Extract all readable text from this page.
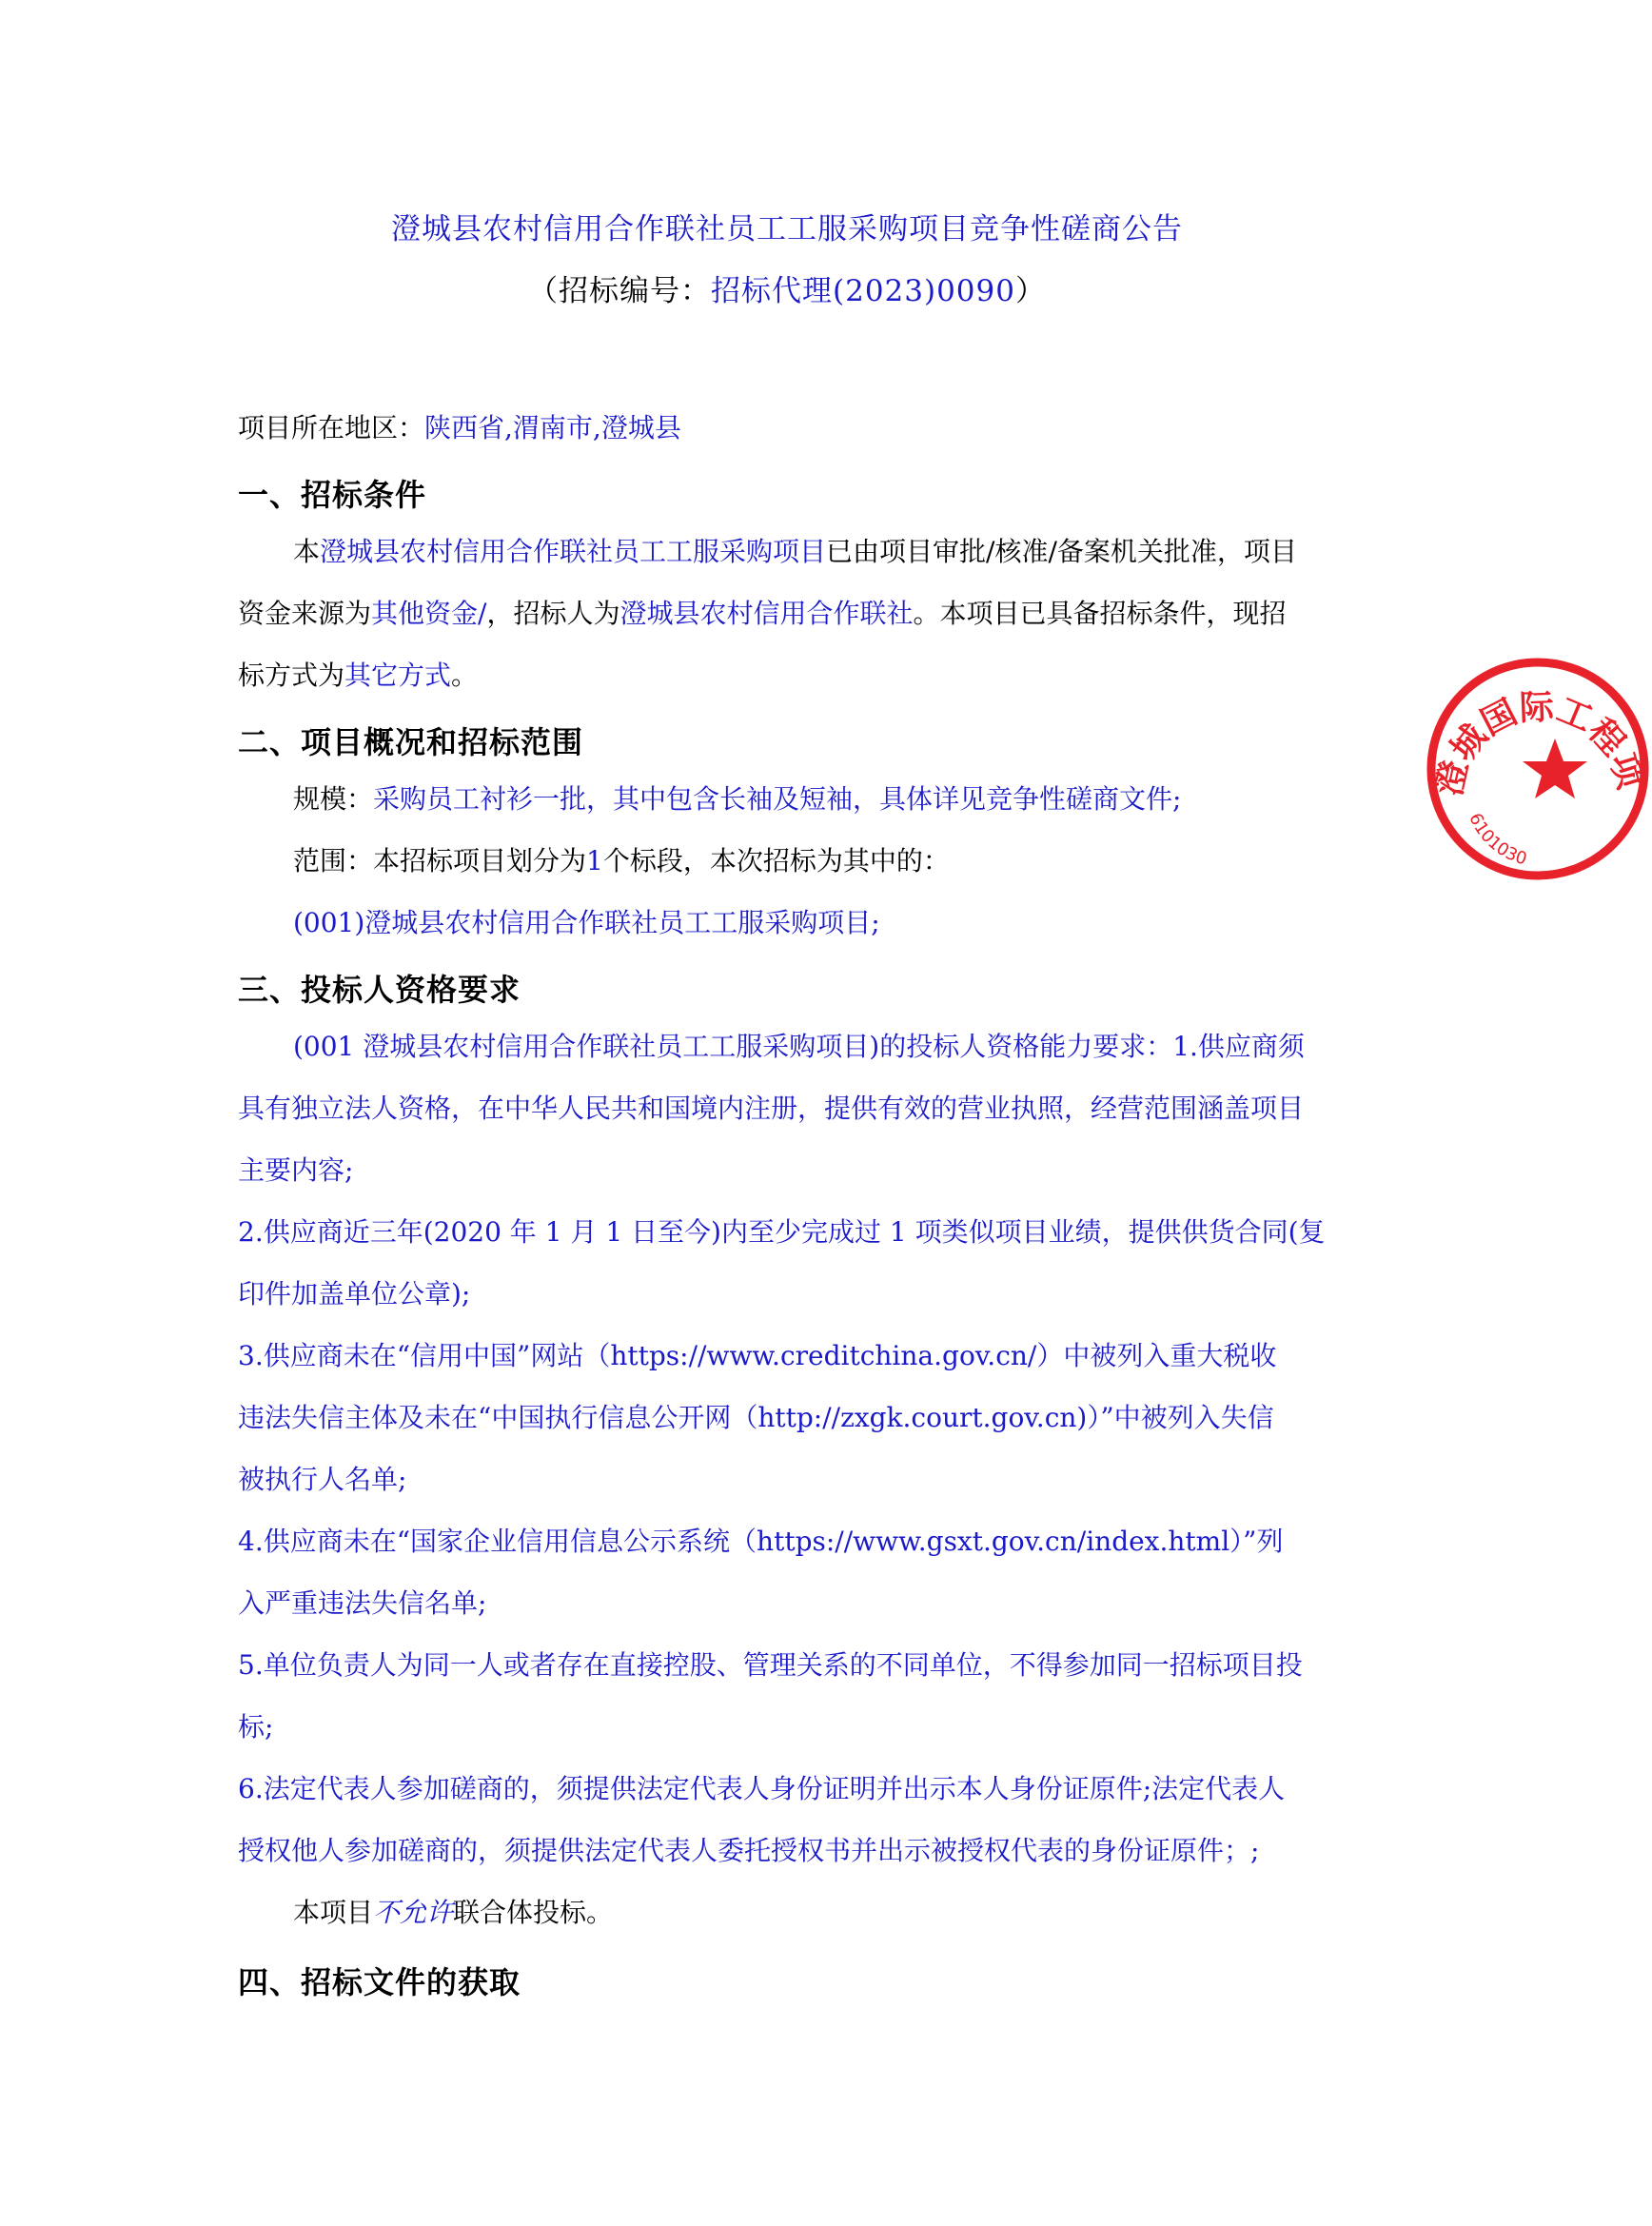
澄城县农村信用合作联社员工工服采购项目竞争性磋商公告
（招标编号：招标代理(2023)0090）
项目所在地区：陕西省,渭南市,澄城县
一、招标条件
本澄城县农村信用合作联社员工工服采购项目已由项目审批/核准/备案机关批准，项目
资金来源为其他资金/，招标人为澄城县农村信用合作联社。本项目已具备招标条件，现招
标方式为其它方式。
二、项目概况和招标范围
规模：采购员工衬衫一批，其中包含长袖及短袖，具体详见竞争性磋商文件;
范围：本招标项目划分为1个标段，本次招标为其中的：
(001)澄城县农村信用合作联社员工工服采购项目;
三、投标人资格要求
(001 澄城县农村信用合作联社员工工服采购项目)的投标人资格能力要求：1.供应商须
具有独立法人资格，在中华人民共和国境内注册，提供有效的营业执照，经营范围涵盖项目
主要内容;
2.供应商近三年(2020 年 1 月 1 日至今)内至少完成过 1 项类似项目业绩，提供供货合同(复
印件加盖单位公章);
3.供应商未在“信用中国”网站（https://www.creditchina.gov.cn/）中被列入重大税收
违法失信主体及未在“中国执行信息公开网（http://zxgk.court.gov.cn)）”中被列入失信
被执行人名单;
4.供应商未在“国家企业信用信息公示系统（https://www.gsxt.gov.cn/index.html）”列
入严重违法失信名单;
5.单位负责人为同一人或者存在直接控股、管理关系的不同单位，不得参加同一招标项目投
标;
6.法定代表人参加磋商的，须提供法定代表人身份证明并出示本人身份证原件;法定代表人
授权他人参加磋商的，须提供法定代表人委托授权书并出示被授权代表的身份证原件；;
本项目不允许联合体投标。
四、招标文件的获取
澄城国际工程项
6101030
